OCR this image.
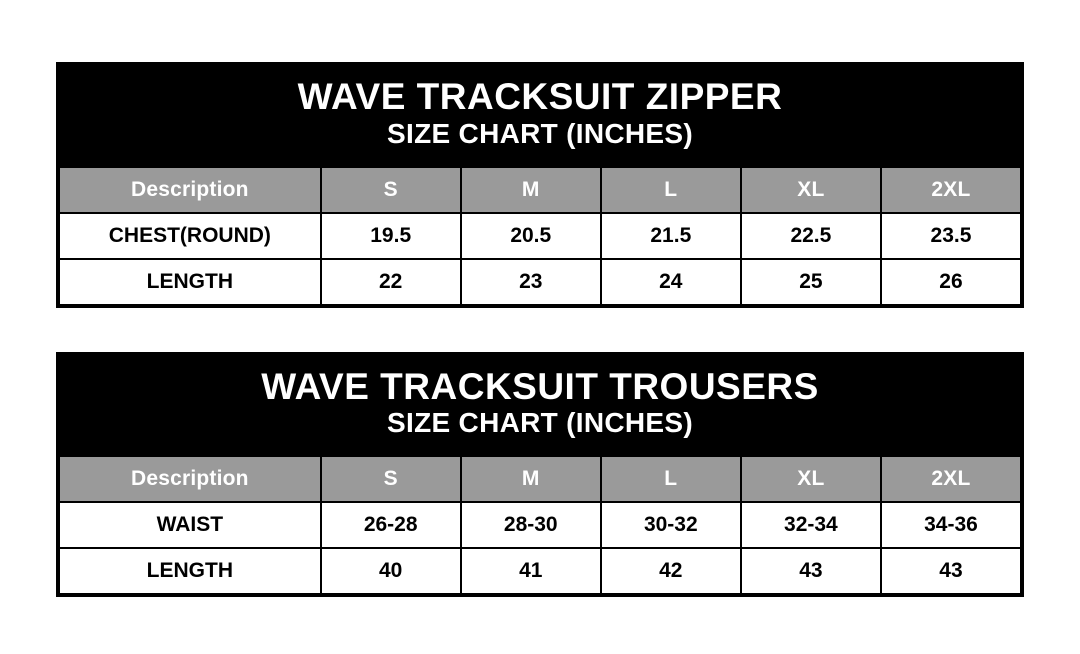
WAVE TRACKSUIT ZIPPER
SIZE CHART (INCHES)
Description	S	M	L	XL	2XL
CHEST(ROUND)	19.5	20.5	21.5	22.5	23.5
LENGTH	22	23	24	25	26
WAVE TRACKSUIT TROUSERS
SIZE CHART (INCHES)
Description	S	M	L	XL	2XL
WAIST	26-28	28-30	30-32	32-34	34-36
LENGTH	40	41	42	43	43
